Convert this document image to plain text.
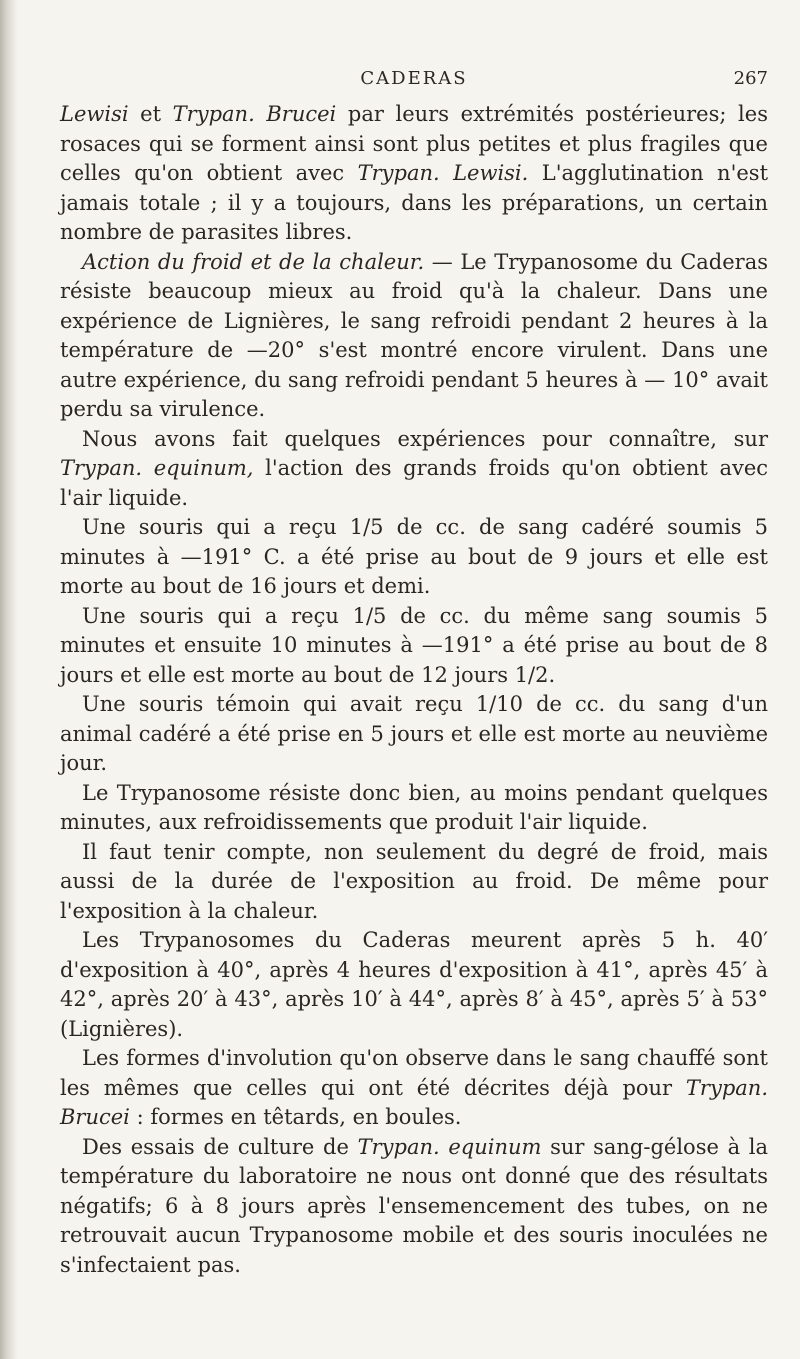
CADERAS	267

Lewisi et Trypan. Brucei par leurs extrémités postérieures; les rosaces qui se forment ainsi sont plus petites et plus fragiles que celles qu'on obtient avec Trypan. Lewisi. L'agglutination n'est jamais totale ; il y a toujours, dans les préparations, un certain nombre de parasites libres.

Action du froid et de la chaleur. — Le Trypanosome du Caderas résiste beaucoup mieux au froid qu'à la chaleur. Dans une expérience de Lignières, le sang refroidi pendant 2 heures à la température de —20° s'est montré encore virulent. Dans une autre expérience, du sang refroidi pendant 5 heures à — 10° avait perdu sa virulence.

Nous avons fait quelques expériences pour connaître, sur Trypan. equinum, l'action des grands froids qu'on obtient avec l'air liquide.

Une souris qui a reçu 1/5 de cc. de sang cadéré soumis 5 minutes à —191° C. a été prise au bout de 9 jours et elle est morte au bout de 16 jours et demi.

Une souris qui a reçu 1/5 de cc. du même sang soumis 5 minutes et ensuite 10 minutes à —191° a été prise au bout de 8 jours et elle est morte au bout de 12 jours 1/2.

Une souris témoin qui avait reçu 1/10 de cc. du sang d'un animal cadéré a été prise en 5 jours et elle est morte au neuvième jour.

Le Trypanosome résiste donc bien, au moins pendant quelques minutes, aux refroidissements que produit l'air liquide.

Il faut tenir compte, non seulement du degré de froid, mais aussi de la durée de l'exposition au froid. De même pour l'exposition à la chaleur.

Les Trypanosomes du Caderas meurent après 5 h. 40′ d'exposition à 40°, après 4 heures d'exposition à 41°, après 45′ à 42°, après 20′ à 43°, après 10′ à 44°, après 8′ à 45°, après 5′ à 53° (Lignières).

Les formes d'involution qu'on observe dans le sang chauffé sont les mêmes que celles qui ont été décrites déjà pour Trypan. Brucei : formes en têtards, en boules.

Des essais de culture de Trypan. equinum sur sang-gélose à la température du laboratoire ne nous ont donné que des résultats négatifs; 6 à 8 jours après l'ensemencement des tubes, on ne retrouvait aucun Trypanosome mobile et des souris inoculées ne s'infectaient pas.
